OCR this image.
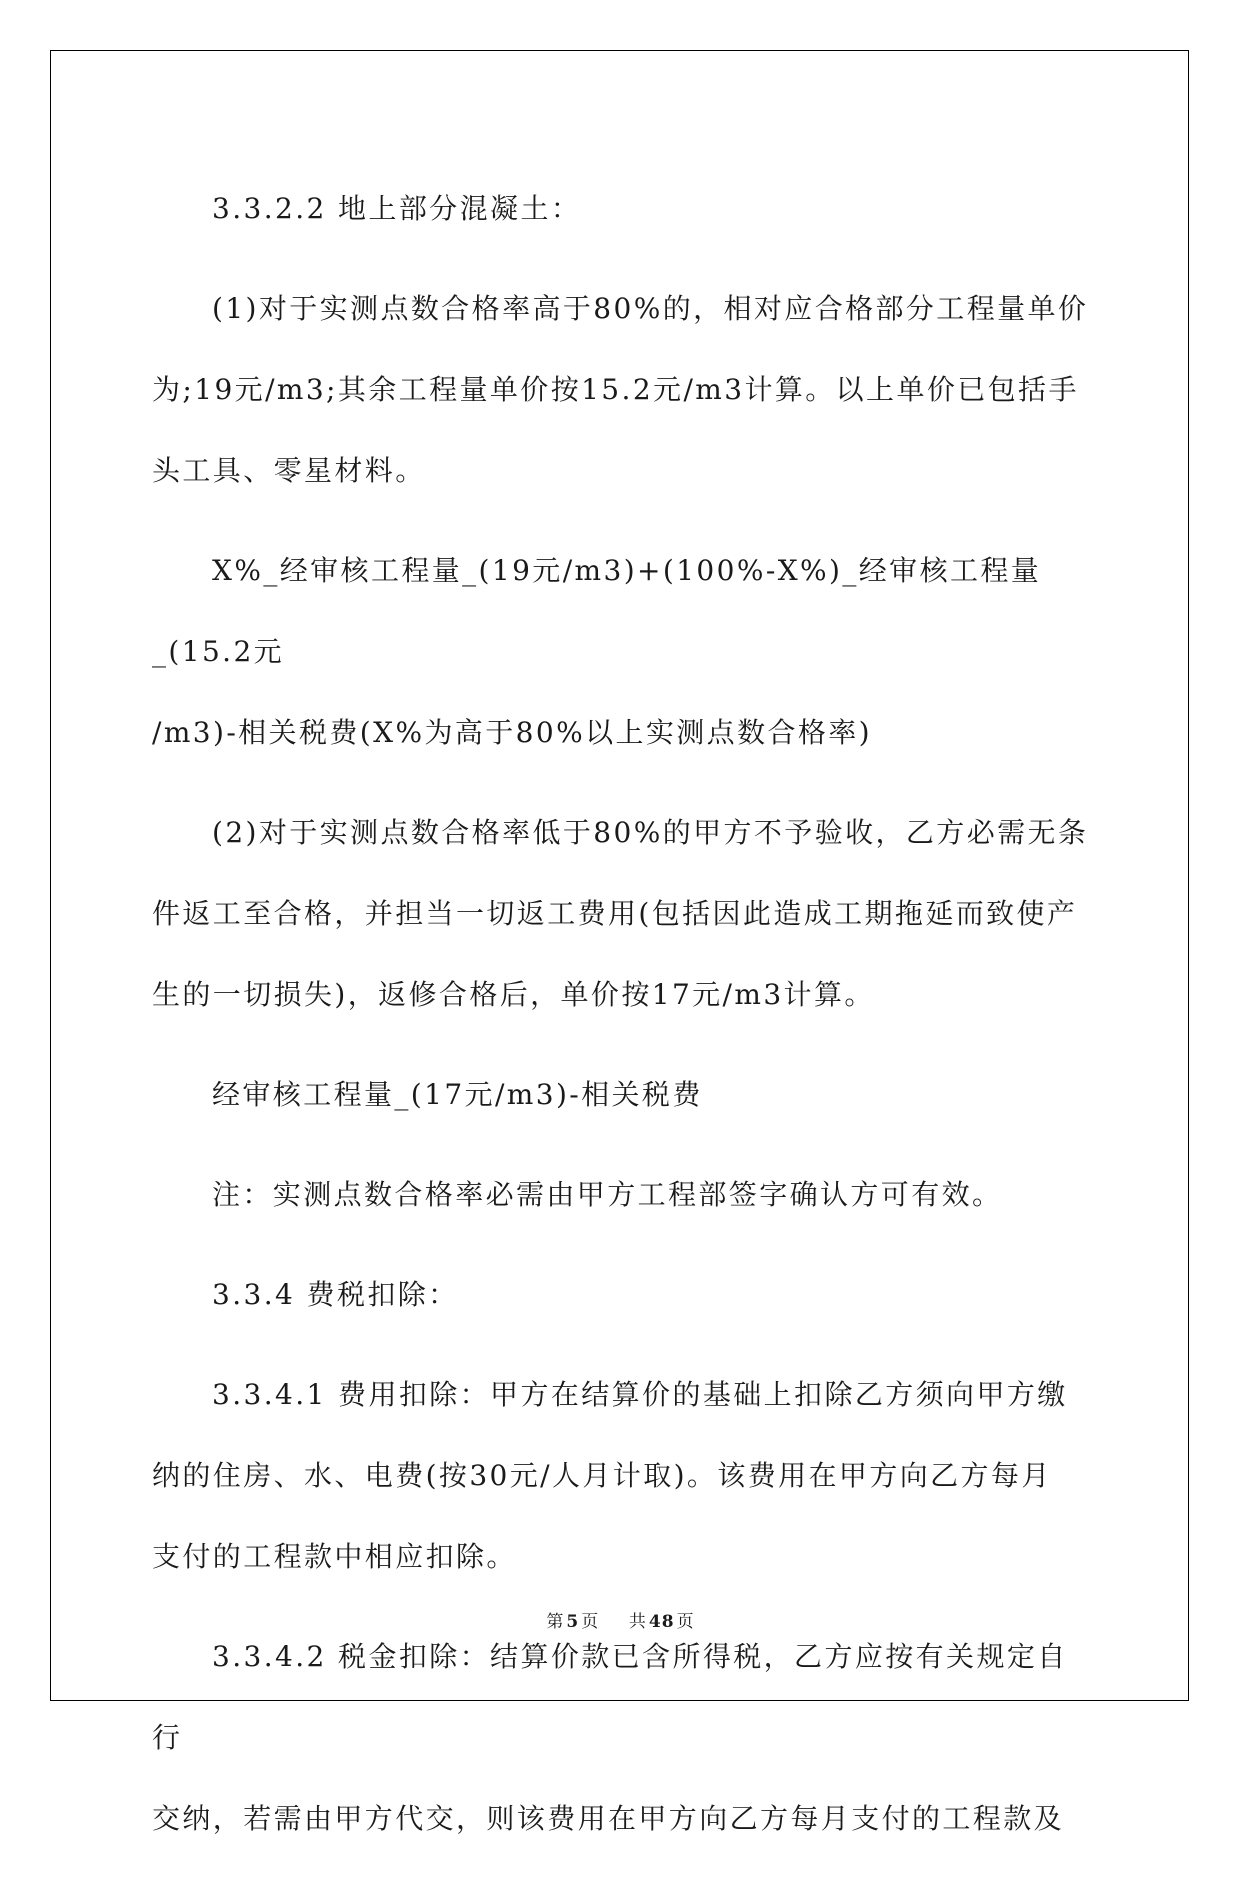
3.3.2.2 地上部分混凝土：
(1)对于实测点数合格率高于80%的，相对应合格部分工程量单价
为;19元/m3;其余工程量单价按15.2元/m3计算。以上单价已包括手
头工具、零星材料。
X%_经审核工程量_(19元/m3)+(100%-X%)_经审核工程量_(15.2元
/m3)-相关税费(X%为高于80%以上实测点数合格率)
(2)对于实测点数合格率低于80%的甲方不予验收，乙方必需无条
件返工至合格，并担当一切返工费用(包括因此造成工期拖延而致使产
生的一切损失)，返修合格后，单价按17元/m3计算。
经审核工程量_(17元/m3)-相关税费
注：实测点数合格率必需由甲方工程部签字确认方可有效。
3.3.4 费税扣除：
3.3.4.1 费用扣除：甲方在结算价的基础上扣除乙方须向甲方缴
纳的住房、水、电费(按30元/人月计取)。该费用在甲方向乙方每月
支付的工程款中相应扣除。
3.3.4.2 税金扣除：结算价款已含所得税，乙方应按有关规定自行
交纳，若需由甲方代交，则该费用在甲方向乙方每月支付的工程款及
第 5 页 共 48 页
